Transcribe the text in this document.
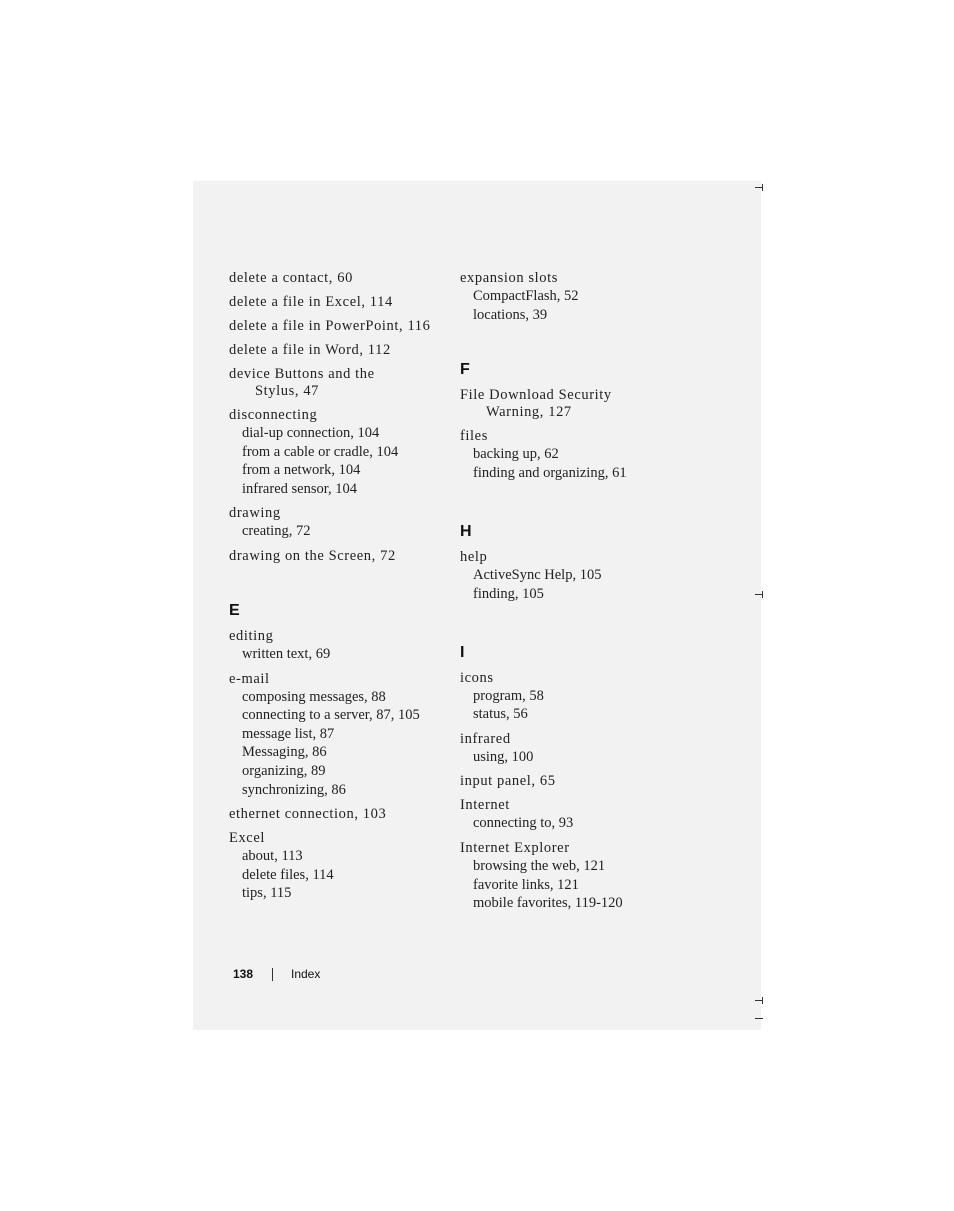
delete a contact, 60
delete a file in Excel, 114
delete a file in PowerPoint, 116
delete a file in Word, 112
device Buttons and the
Stylus, 47
disconnecting
dial-up connection, 104
from a cable or cradle, 104
from a network, 104
infrared sensor, 104
drawing
creating, 72
drawing on the Screen, 72
E
editing
written text, 69
e-mail
composing messages, 88
connecting to a server, 87, 105
message list, 87
Messaging, 86
organizing, 89
synchronizing, 86
ethernet connection, 103
Excel
about, 113
delete files, 114
tips, 115
expansion slots
CompactFlash, 52
locations, 39
F
File Download Security
Warning, 127
files
backing up, 62
finding and organizing, 61
H
help
ActiveSync Help, 105
finding, 105
I
icons
program, 58
status, 56
infrared
using, 100
input panel, 65
Internet
connecting to, 93
Internet Explorer
browsing the web, 121
favorite links, 121
mobile favorites, 119-120
138	Index
